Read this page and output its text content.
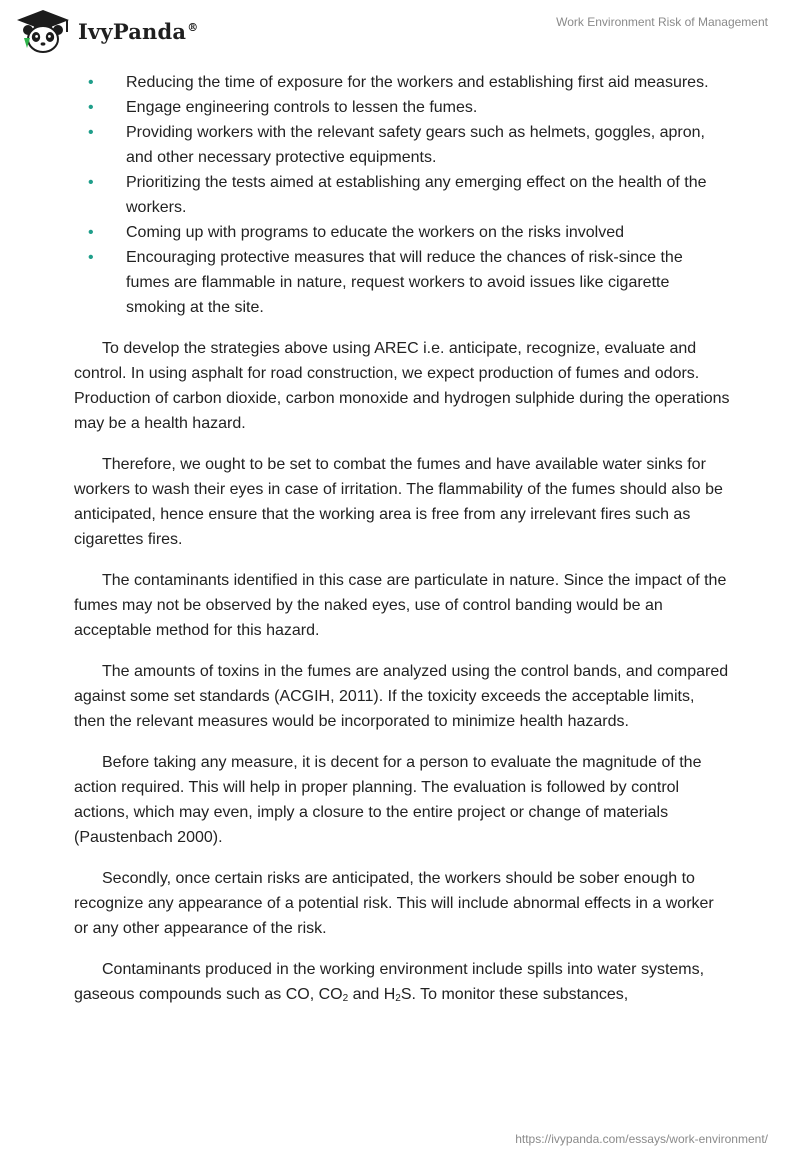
IvyPanda®	Work Environment Risk of Management
• Reducing the time of exposure for the workers and establishing first aid measures.
• Engage engineering controls to lessen the fumes.
• Providing workers with the relevant safety gears such as helmets, goggles, apron, and other necessary protective equipments.
• Prioritizing the tests aimed at establishing any emerging effect on the health of the workers.
• Coming up with programs to educate the workers on the risks involved
• Encouraging protective measures that will reduce the chances of risk-since the fumes are flammable in nature, request workers to avoid issues like cigarette smoking at the site.

To develop the strategies above using AREC i.e. anticipate, recognize, evaluate and control. In using asphalt for road construction, we expect production of fumes and odors. Production of carbon dioxide, carbon monoxide and hydrogen sulphide during the operations may be a health hazard.

Therefore, we ought to be set to combat the fumes and have available water sinks for workers to wash their eyes in case of irritation. The flammability of the fumes should also be anticipated, hence ensure that the working area is free from any irrelevant fires such as cigarettes fires.

The contaminants identified in this case are particulate in nature. Since the impact of the fumes may not be observed by the naked eyes, use of control banding would be an acceptable method for this hazard.

The amounts of toxins in the fumes are analyzed using the control bands, and compared against some set standards (ACGIH, 2011). If the toxicity exceeds the acceptable limits, then the relevant measures would be incorporated to minimize health hazards.

Before taking any measure, it is decent for a person to evaluate the magnitude of the action required. This will help in proper planning. The evaluation is followed by control actions, which may even, imply a closure to the entire project or change of materials (Paustenbach 2000).

Secondly, once certain risks are anticipated, the workers should be sober enough to recognize any appearance of a potential risk. This will include abnormal effects in a worker or any other appearance of the risk.

Contaminants produced in the working environment include spills into water systems, gaseous compounds such as CO, $CO_2$ and $H_2S$. To monitor these substances,

https://ivypanda.com/essays/work-environment/
